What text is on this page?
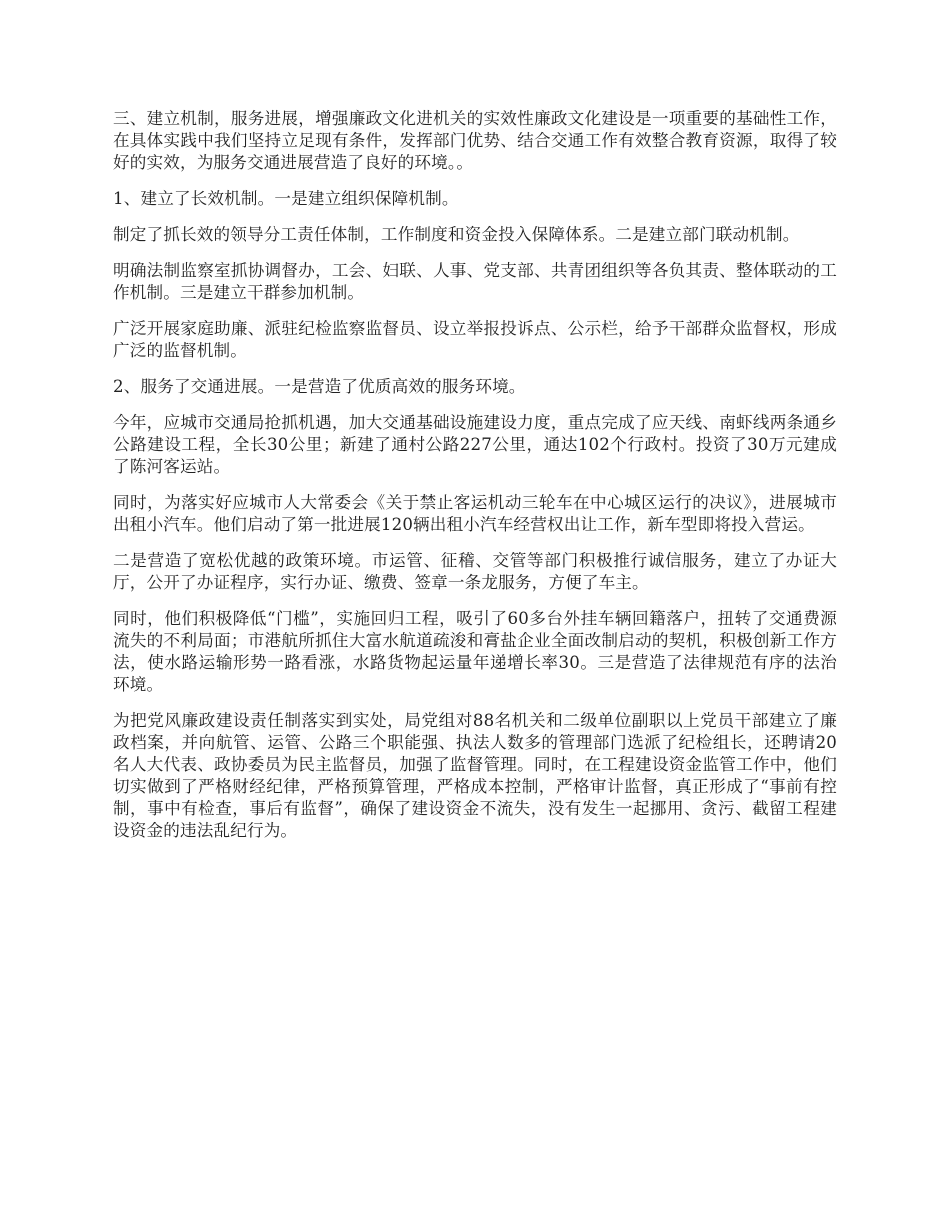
三、建立机制，服务进展，增强廉政文化进机关的实效性廉政文化建设是一项重要的基础性工作，在具体实践中我们坚持立足现有条件，发挥部门优势、结合交通工作有效整合教育资源，取得了较好的实效，为服务交通进展营造了良好的环境。。

1、建立了长效机制。一是建立组织保障机制。

制定了抓长效的领导分工责任体制，工作制度和资金投入保障体系。二是建立部门联动机制。

明确法制监察室抓协调督办，工会、妇联、人事、党支部、共青团组织等各负其责、整体联动的工作机制。三是建立干群参加机制。

广泛开展家庭助廉、派驻纪检监察监督员、设立举报投诉点、公示栏，给予干部群众监督权，形成广泛的监督机制。

2、服务了交通进展。一是营造了优质高效的服务环境。

今年，应城市交通局抢抓机遇，加大交通基础设施建设力度，重点完成了应天线、南虾线两条通乡公路建设工程，全长30公里；新建了通村公路227公里，通达102个行政村。投资了30万元建成了陈河客运站。

同时，为落实好应城市人大常委会《关于禁止客运机动三轮车在中心城区运行的决议》，进展城市出租小汽车。他们启动了第一批进展120辆出租小汽车经营权出让工作，新车型即将投入营运。

二是营造了宽松优越的政策环境。市运管、征稽、交管等部门积极推行诚信服务，建立了办证大厅，公开了办证程序，实行办证、缴费、签章一条龙服务，方便了车主。

同时，他们积极降低“门槛”，实施回归工程，吸引了60多台外挂车辆回籍落户，扭转了交通费源流失的不利局面；市港航所抓住大富水航道疏浚和膏盐企业全面改制启动的契机，积极创新工作方法，使水路运输形势一路看涨，水路货物起运量年递增长率30。三是营造了法律规范有序的法治环境。

为把党风廉政建设责任制落实到实处，局党组对88名机关和二级单位副职以上党员干部建立了廉政档案，并向航管、运管、公路三个职能强、执法人数多的管理部门选派了纪检组长，还聘请20名人大代表、政协委员为民主监督员，加强了监督管理。同时，在工程建设资金监管工作中，他们切实做到了严格财经纪律，严格预算管理，严格成本控制，严格审计监督，真正形成了“事前有控制，事中有检查，事后有监督”，确保了建设资金不流失，没有发生一起挪用、贪污、截留工程建设资金的违法乱纪行为。
